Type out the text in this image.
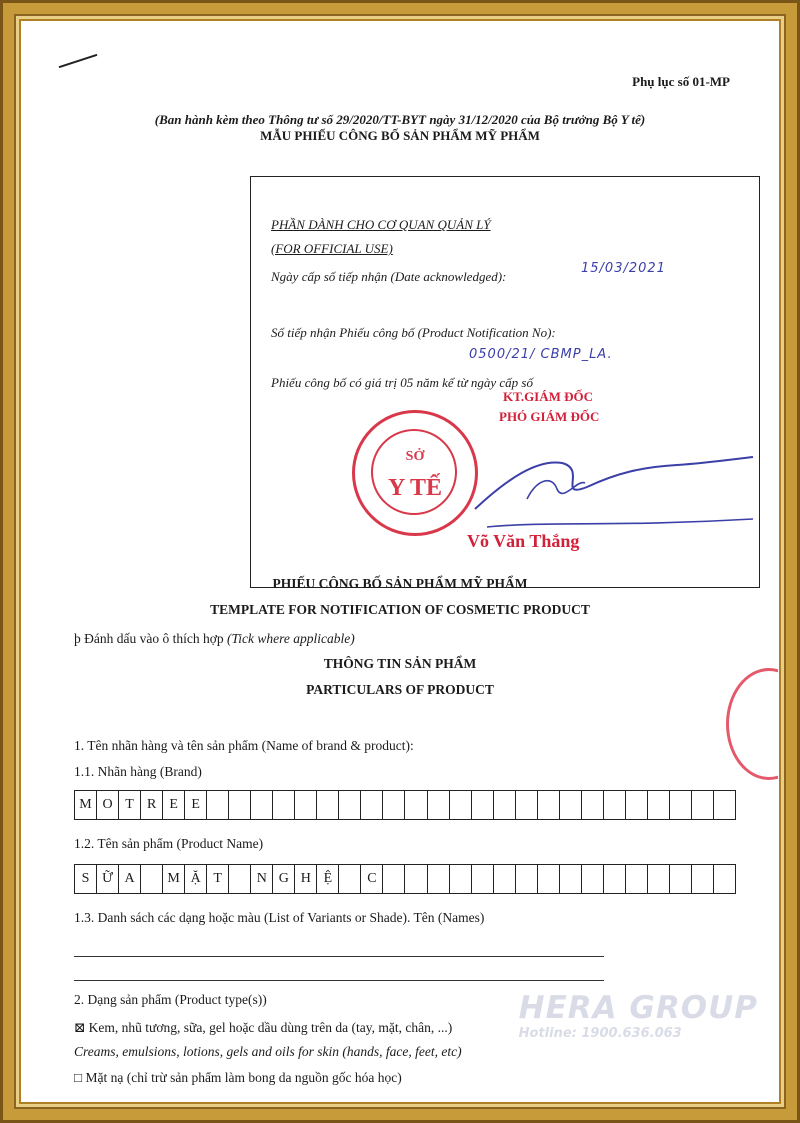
Phụ lục số 01-MP
(Ban hành kèm theo Thông tư số 29/2020/TT-BYT ngày 31/12/2020 của Bộ trưởng Bộ Y tế)
MẪU PHIẾU CÔNG BỐ SẢN PHẨM MỸ PHẨM
PHẦN DÀNH CHO CƠ QUAN QUẢN LÝ
(FOR OFFICIAL USE)
Ngày cấp số tiếp nhận (Date acknowledged):
15/03/2021
Số tiếp nhận Phiếu công bố (Product Notification No):
0500/21/ CBMP_LA.
Phiếu công bố có giá trị 05 năm kể từ ngày cấp số
KT.GIÁM ĐỐC
PHÓ GIÁM ĐỐC
Võ Văn Thắng
SỞ
Y TẾ
PHIẾU CÔNG BỐ SẢN PHẨM MỸ PHẨM
TEMPLATE FOR NOTIFICATION OF COSMETIC PRODUCT
þ Đánh dấu vào ô thích hợp (Tick where applicable)
THÔNG TIN SẢN PHẨM
PARTICULARS OF PRODUCT
1. Tên nhãn hàng và tên sản phẩm (Name of brand & product):
1.1. Nhãn hàng (Brand)
M O T R E E
1.2. Tên sản phẩm (Product Name)
S Ữ A	M Ặ T	N G H Ệ	C
1.3. Danh sách các dạng hoặc màu (List of Variants or Shade). Tên (Names)
2. Dạng sản phẩm (Product type(s))
⊠ Kem, nhũ tương, sữa, gel hoặc dầu dùng trên da (tay, mặt, chân, ...)
Creams, emulsions, lotions, gels and oils for skin (hands, face, feet, etc)
□ Mặt nạ (chỉ trừ sản phẩm làm bong da nguồn gốc hóa học)
HERA GROUP
Hotline: 1900.636.063
